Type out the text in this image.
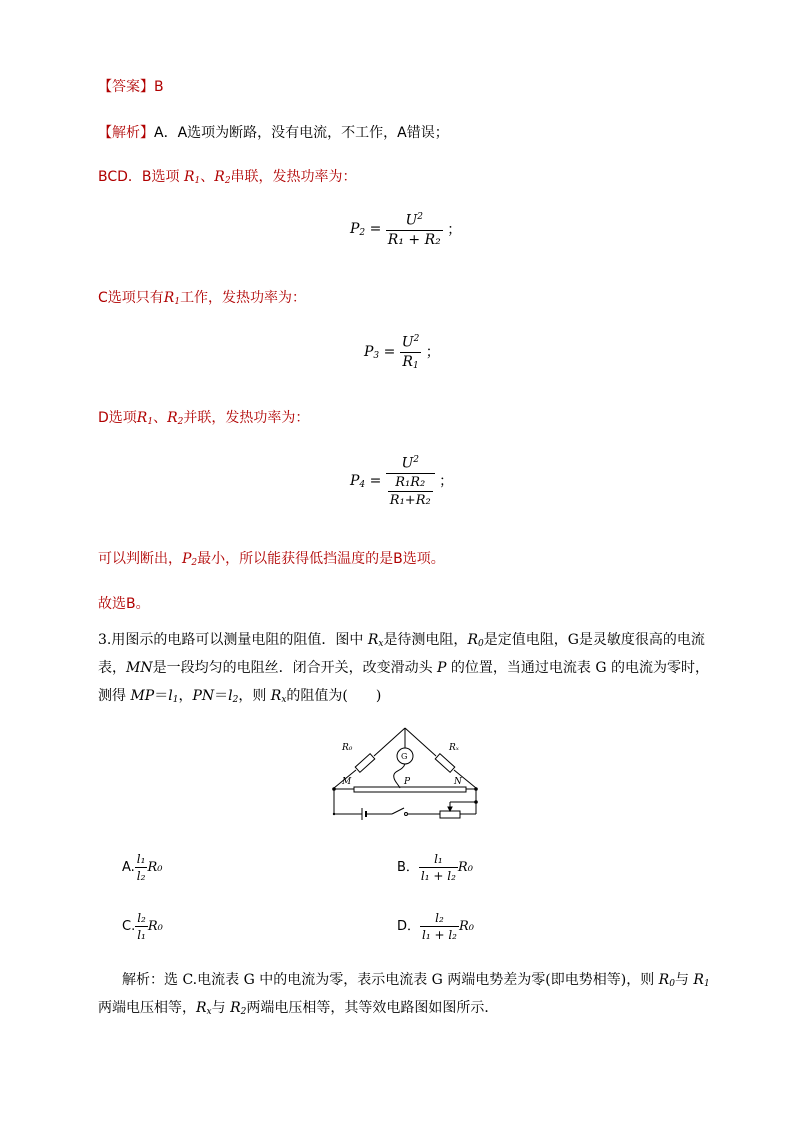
【答案】B
【解析】A．A选项为断路，没有电流，不工作，A错误；
BCD．B选项 $R_1$、$R_2$串联，发热功率为：
$P_2 = \frac{U^2}{\text{R₁ + R₂}}$ ；
C选项只有$R_1$工作，发热功率为：
$P_3 = \frac{U^2}{R_1}$ ；
D选项$R_1$、$R_2$并联，发热功率为：
$P_4 = \frac{U^2}{\frac{\text{R₁R₂}}{\text{R₁+R₂}}}$ ；
可以判断出，$P_2$最小，所以能获得低挡温度的是B选项。
故选B。
3.用图示的电路可以测量电阻的阻值．图中 $R_x$是待测电阻，$R_0$是定值电阻，G是灵敏度很高的电流
表，MN是一段均匀的电阻丝．闭合开关，改变滑动头 P 的位置，当通过电流表 G 的电流为零时，
测得 $MP=l_1$，$PN=l_2$，则 $R_x$的阻值为(　　)
R₀	Rₓ
G
M	P	N
A. $\frac{\text{l₁}}{\text{l₂}} R_0$	B． $\frac{\text{l₁}}{\text{l₁ + l₂}} R_0$
C. $\frac{\text{l₂}}{\text{l₁}} R_0$	D． $\frac{\text{l₂}}{\text{l₁ + l₂}} R_0$
解析：选 C.电流表 G 中的电流为零，表示电流表 G 两端电势差为零(即电势相等)，则 $R_0$与 $R_1$
两端电压相等，$R_x$与 $R_2$两端电压相等，其等效电路图如图所示．
